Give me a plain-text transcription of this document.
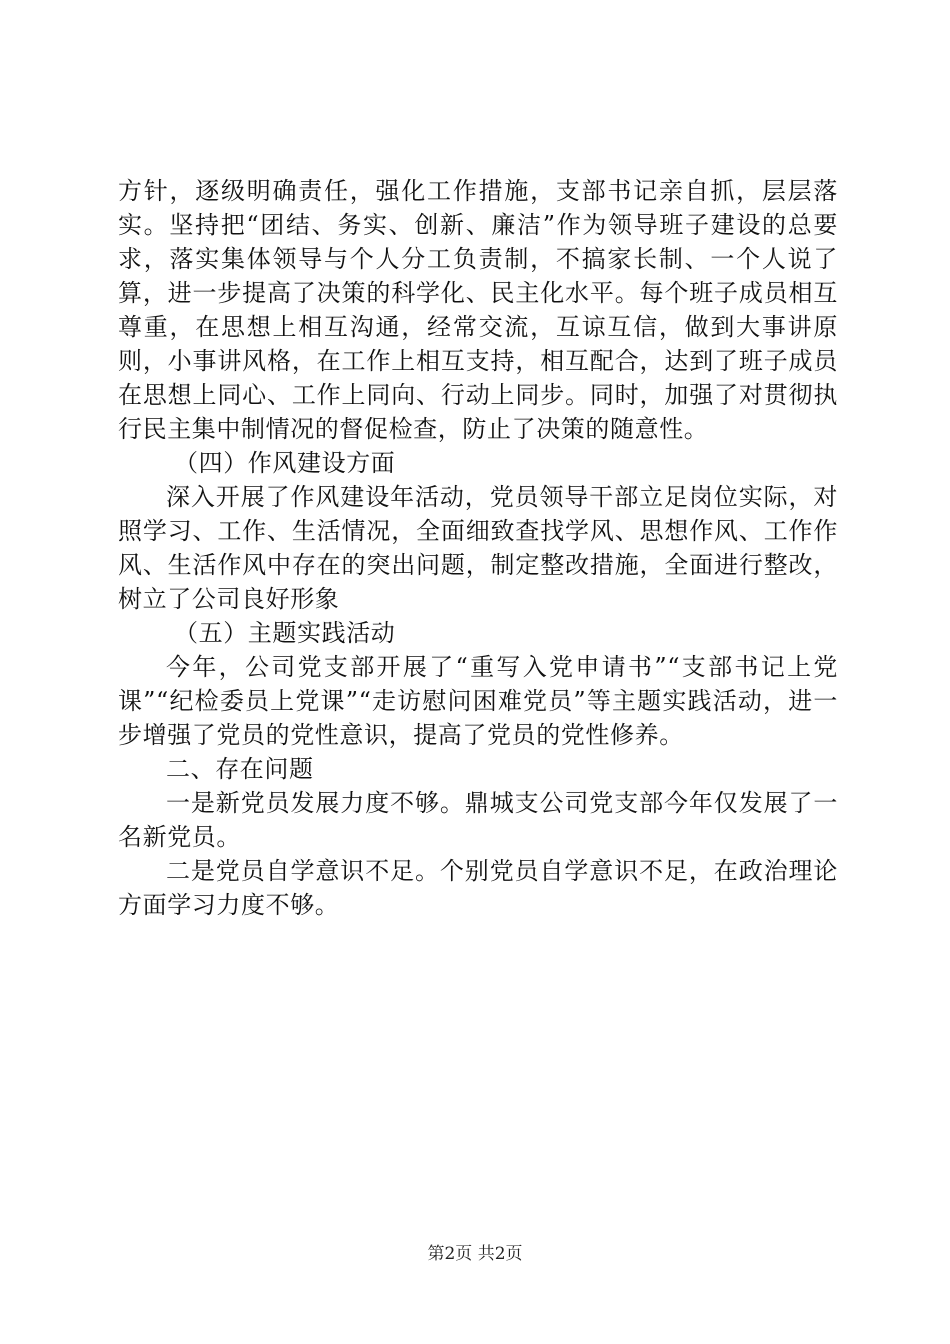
方针，逐级明确责任，强化工作措施，支部书记亲自抓，层层落实。坚持把“团结、务实、创新、廉洁”作为领导班子建设的总要求，落实集体领导与个人分工负责制，不搞家长制、一个人说了算，进一步提高了决策的科学化、民主化水平。每个班子成员相互尊重，在思想上相互沟通，经常交流，互谅互信，做到大事讲原则，小事讲风格，在工作上相互支持，相互配合，达到了班子成员在思想上同心、工作上同向、行动上同步。同时，加强了对贯彻执行民主集中制情况的督促检查，防止了决策的随意性。

（四）作风建设方面

深入开展了作风建设年活动，党员领导干部立足岗位实际，对照学习、工作、生活情况，全面细致查找学风、思想作风、工作作风、生活作风中存在的突出问题，制定整改措施，全面进行整改，树立了公司良好形象

（五）主题实践活动

今年，公司党支部开展了“重写入党申请书”“支部书记上党课”“纪检委员上党课”“走访慰问困难党员”等主题实践活动，进一步增强了党员的党性意识，提高了党员的党性修养。

二、存在问题

一是新党员发展力度不够。鼎城支公司党支部今年仅发展了一名新党员。

二是党员自学意识不足。个别党员自学意识不足，在政治理论方面学习力度不够。

第2页 共2页
